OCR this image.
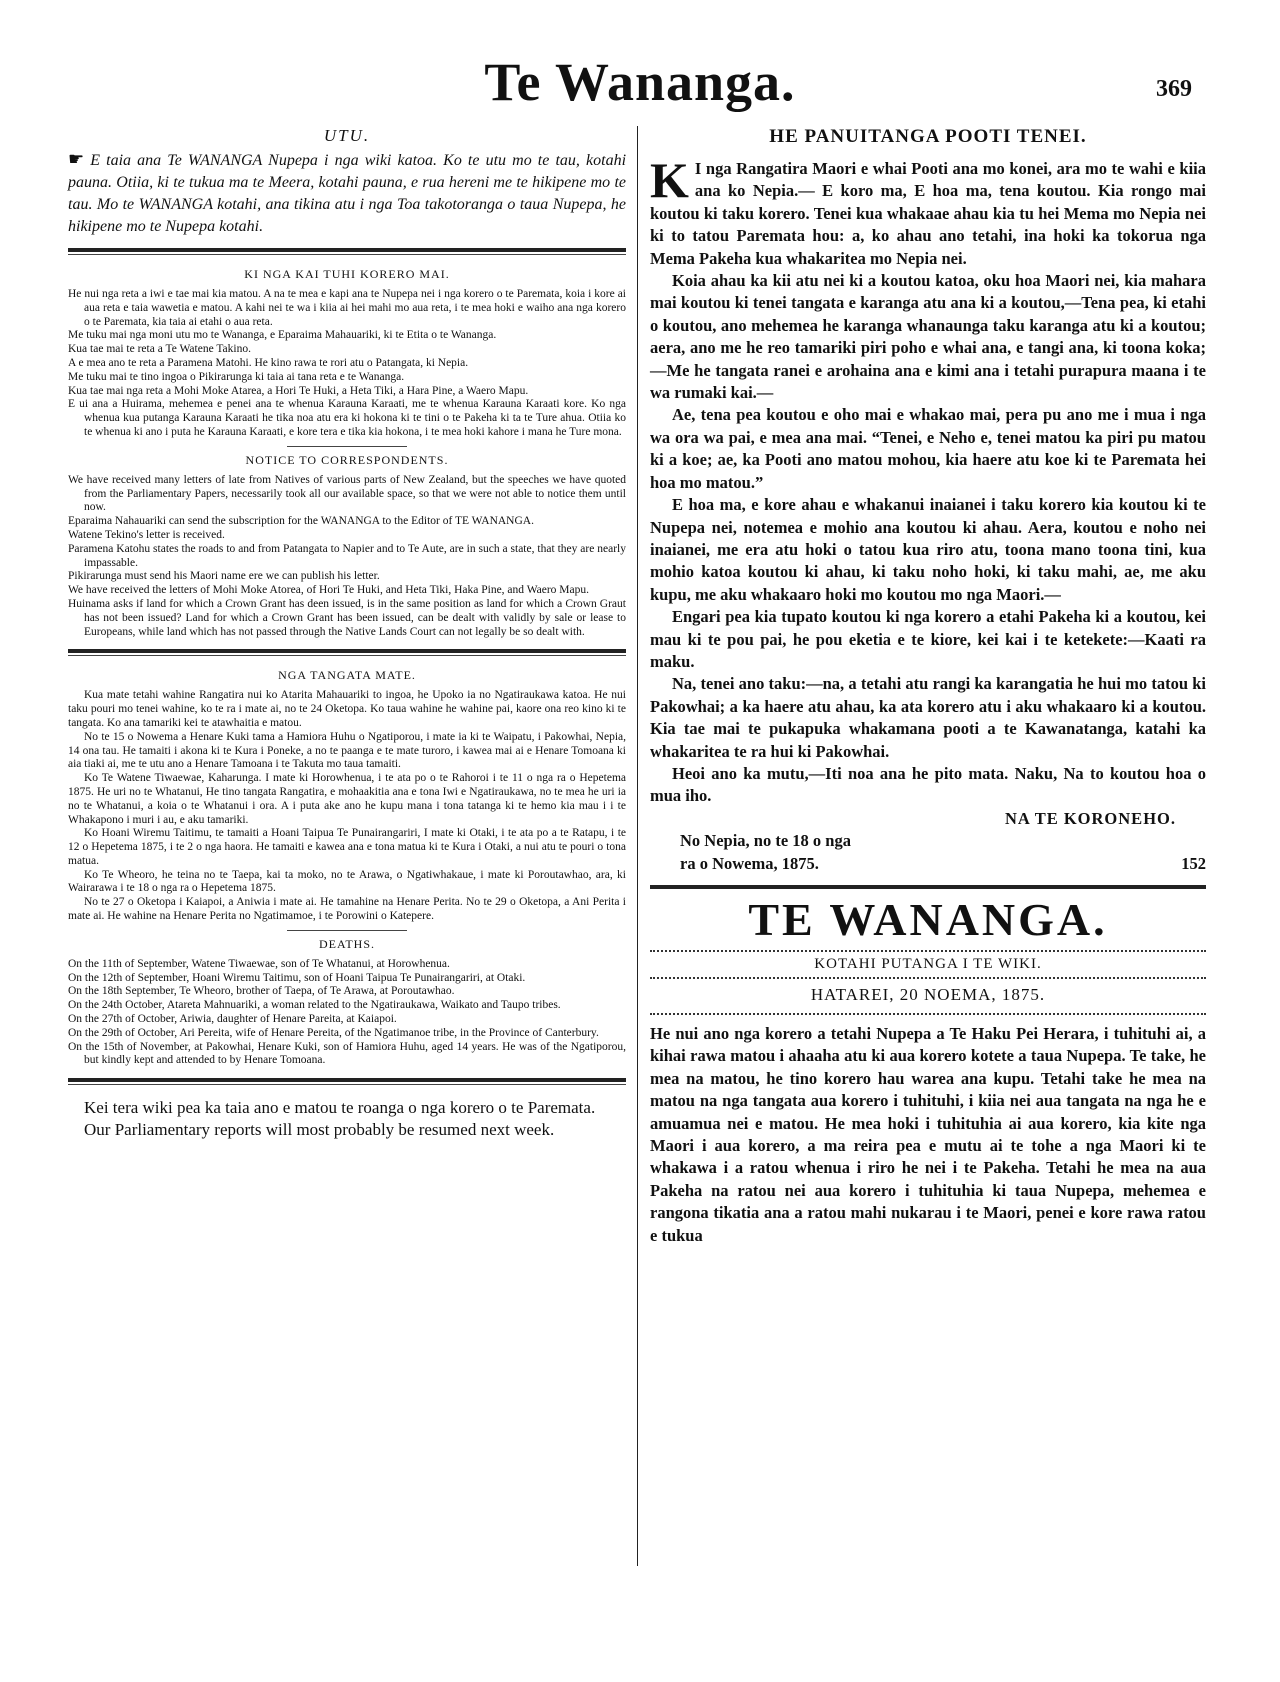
Te Wananga.	369

UTU.

☛ E taia ana Te WANANGA Nupepa i nga wiki katoa. Ko te utu mo te tau, kotahi pauna. Otiia, ki te tukua ma te Meera, kotahi pauna, e rua hereni me te hikipene mo te tau. Mo te WANANGA kotahi, ana tikina atu i nga Toa takotoranga o taua Nupepa, he hikipene mo te Nupepa kotahi.

KI NGA KAI TUHI KORERO MAI.

He nui nga reta a iwi e tae mai kia matou. A na te mea e kapi ana te Nupepa nei i nga korero o te Paremata, koia i kore ai aua reta e taia wawetia e matou. A kahi nei te wa i kiia ai hei mahi mo aua reta, i te mea hoki e waiho ana nga korero o te Paremata, kia taia ai etahi o aua reta.

Me tuku mai nga moni utu mo te Wananga, e Eparaima Mahauariki, ki te Etita o te Wananga.

Kua tae mai te reta a Te Watene Takino.

A e mea ano te reta a Paramena Matohi. He kino rawa te rori atu o Patangata, ki Nepia.

Me tuku mai te tino ingoa o Pikirarunga ki taia ai tana reta e te Wananga.

Kua tae mai nga reta a Mohi Moke Atarea, a Hori Te Huki, a Heta Tiki, a Hara Pine, a Waero Mapu.

E ui ana a Huirama, mehemea e penei ana te whenua Karauna Karaati, me te whenua Karauna Karaati kore. Ko nga whenua kua putanga Karauna Karaati he tika noa atu era ki hokona ki te tini o te Pakeha ki ta te Ture ahua. Otiia ko te whenua ki ano i puta he Karauna Karaati, e kore tera e tika kia hokona, i te mea hoki kahore i mana he Ture mona.

NOTICE TO CORRESPONDENTS.

We have received many letters of late from Natives of various parts of New Zealand, but the speeches we have quoted from the Parliamentary Papers, necessarily took all our available space, so that we were not able to notice them until now.

Eparaima Nahauariki can send the subscription for the WANANGA to the Editor of TE WANANGA.

Watene Tekino's letter is received.

Paramena Katohu states the roads to and from Patangata to Napier and to Te Aute, are in such a state, that they are nearly impassable.

Pikirarunga must send his Maori name ere we can publish his letter.

We have received the letters of Mohi Moke Atorea, of Hori Te Huki, and Heta Tiki, Haka Pine, and Waero Mapu.

Huinama asks if land for which a Crown Grant has deen issued, is in the same position as land for which a Crown Graut has not been issued? Land for which a Crown Grant has been issued, can be dealt with validly by sale or lease to Europeans, while land which has not passed through the Native Lands Court can not legally be so dealt with.

NGA TANGATA MATE.

Kua mate tetahi wahine Rangatira nui ko Atarita Mahauariki to ingoa, he Upoko ia no Ngatiraukawa katoa. He nui taku pouri mo tenei wahine, ko te ra i mate ai, no te 24 Oketopa. Ko taua wahine he wahine pai, kaore ona reo kino ki te tangata. Ko ana tamariki kei te atawhaitia e matou.

No te 15 o Nowema a Henare Kuki tama a Hamiora Huhu o Ngatiporou, i mate ia ki te Waipatu, i Pakowhai, Nepia, 14 ona tau. He tamaiti i akona ki te Kura i Poneke, a no te paanga e te mate turoro, i kawea mai ai e Henare Tomoana ki aia tiaki ai, me te utu ano a Henare Tamoana i te Takuta mo taua tamaiti.

Ko Te Watene Tiwaewae, Kaharunga. I mate ki Horowhenua, i te ata po o te Rahoroi i te 11 o nga ra o Hepetema 1875. He uri no te Whatanui, He tino tangata Rangatira, e mohaakitia ana e tona Iwi e Ngatiraukawa, no te mea he uri ia no te Whatanui, a koia o te Whatanui i ora. A i puta ake ano he kupu mana i tona tatanga ki te hemo kia mau i i te Whakapono i muri i au, e aku tamariki.

Ko Hoani Wiremu Taitimu, te tamaiti a Hoani Taipua Te Punairangariri, I mate ki Otaki, i te ata po a te Ratapu, i te 12 o Hepetema 1875, i te 2 o nga haora. He tamaiti e kawea ana e tona matua ki te Kura i Otaki, a nui atu te pouri o tona matua.

Ko Te Wheoro, he teina no te Taepa, kai ta moko, no te Arawa, o Ngatiwhakaue, i mate ki Poroutawhao, ara, ki Wairarawa i te 18 o nga ra o Hepetema 1875.

No te 27 o Oketopa i Kaiapoi, a Aniwia i mate ai. He tamahine na Henare Perita. No te 29 o Oketopa, a Ani Perita i mate ai. He wahine na Henare Perita no Ngatimamoe, i te Porowini o Katepere.

DEATHS.

On the 11th of September, Watene Tiwaewae, son of Te Whatanui, at Horowhenua.

On the 12th of September, Hoani Wiremu Taitimu, son of Hoani Taipua Te Punairangariri, at Otaki.

On the 18th September, Te Wheoro, brother of Taepa, of Te Arawa, at Poroutawhao.

On the 24th October, Atareta Mahnuariki, a woman related to the Ngatiraukawa, Waikato and Taupo tribes.

On the 27th of October, Ariwia, daughter of Henare Pareita, at Kaiapoi.

On the 29th of October, Ari Pereita, wife of Henare Pereita, of the Ngatimanoe tribe, in the Province of Canterbury.

On the 15th of November, at Pakowhai, Henare Kuki, son of Hamiora Huhu, aged 14 years. He was of the Ngatiporou, but kindly kept and attended to by Henare Tomoana.

Kei tera wiki pea ka taia ano e matou te roanga o nga korero o te Paremata.

Our Parliamentary reports will most probably be resumed next week.

HE PANUITANGA POOTI TENEI.

K I nga Rangatira Maori e whai Pooti ana mo konei, ara mo te wahi e kiia ana ko Nepia.— E koro ma, E hoa ma, tena koutou. Kia rongo mai koutou ki taku korero. Tenei kua whakaae ahau kia tu hei Mema mo Nepia nei ki to tatou Paremata hou: a, ko ahau ano tetahi, ina hoki ka tokorua nga Mema Pakeha kua whakaritea mo Nepia nei.

Koia ahau ka kii atu nei ki a koutou katoa, oku hoa Maori nei, kia mahara mai koutou ki tenei tangata e karanga atu ana ki a koutou,—Tena pea, ki etahi o koutou, ano mehemea he karanga whanaunga taku karanga atu ki a koutou; aera, ano me he reo tamariki piri poho e whai ana, e tangi ana, ki toona koka;—Me he tangata ranei e arohaina ana e kimi ana i tetahi purapura maana i te wa rumaki kai.—

Ae, tena pea koutou e oho mai e whakao mai, pera pu ano me i mua i nga wa ora wa pai, e mea ana mai. “Tenei, e Neho e, tenei matou ka piri pu matou ki a koe; ae, ka Pooti ano matou mohou, kia haere atu koe ki te Paremata hei hoa mo matou.”

E hoa ma, e kore ahau e whakanui inaianei i taku korero kia koutou ki te Nupepa nei, notemea e mohio ana koutou ki ahau. Aera, koutou e noho nei inaianei, me era atu hoki o tatou kua riro atu, toona mano toona tini, kua mohio katoa koutou ki ahau, ki taku noho hoki, ki taku mahi, ae, me aku kupu, me aku whakaaro hoki mo koutou mo nga Maori.—

Engari pea kia tupato koutou ki nga korero a etahi Pakeha ki a koutou, kei mau ki te pou pai, he pou eketia e te kiore, kei kai i te ketekete:—Kaati ra maku.

Na, tenei ano taku:—na, a tetahi atu rangi ka karangatia he hui mo tatou ki Pakowhai; a ka haere atu ahau, ka ata korero atu i aku whakaaro ki a koutou. Kia tae mai te pukapuka whakamana pooti a te Kawanatanga, katahi ka whakaritea te ra hui ki Pakowhai.

Heoi ano ka mutu,—Iti noa ana he pito mata. Naku, Na to koutou hoa o mua iho.

NA TE KORONEHO.

No Nepia, no te 18 o nga
ra o Nowema, 1875.	152

TE WANANGA.

KOTAHI PUTANGA I TE WIKI.

HATAREI, 20 NOEMA, 1875.

He nui ano nga korero a tetahi Nupepa a Te Haku Pei Herara, i tuhituhi ai, a kihai rawa matou i ahaaha atu ki aua korero kotete a taua Nupepa. Te take, he mea na matou, he tino korero hau warea ana kupu. Tetahi take he mea na matou na nga tangata aua korero i tuhituhi, i kiia nei aua tangata na nga he e amuamua nei e matou. He mea hoki i tuhituhia ai aua korero, kia kite nga Maori i aua korero, a ma reira pea e mutu ai te tohe a nga Maori ki te whakawa i a ratou whenua i riro he nei i te Pakeha. Tetahi he mea na aua Pakeha na ratou nei aua korero i tuhituhia ki taua Nupepa, mehemea e rangona tikatia ana a ratou mahi nukarau i te Maori, penei e kore rawa ratou e tukua
